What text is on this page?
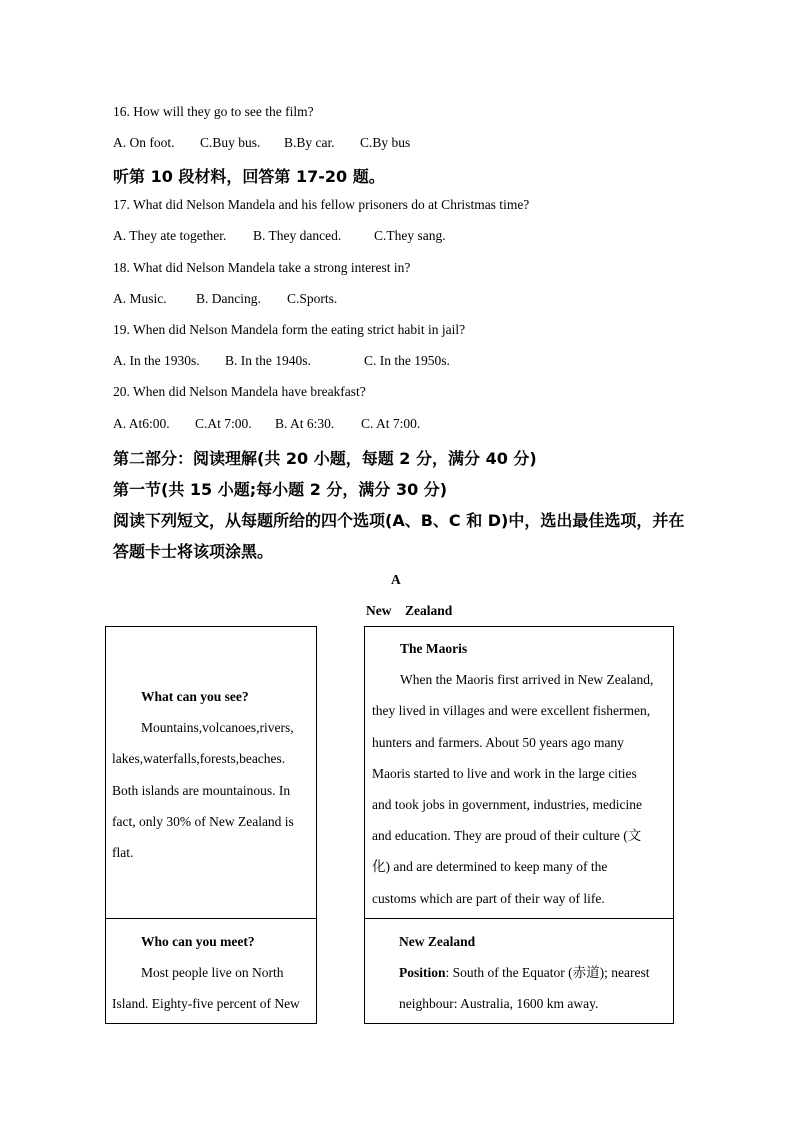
16. How will they go to see the film?
A. On foot. C.Buy bus. B.By car. C.By bus
听第 10 段材料，回答第 17-20 题。
17. What did Nelson Mandela and his fellow prisoners do at Christmas time?
A. They ate together. B. They danced. C.They sang.
18. What did Nelson Mandela take a strong interest in?
A. Music. B. Dancing. C.Sports.
19. When did Nelson Mandela form the eating strict habit in jail?
A. In the 1930s. B. In the 1940s.	C. In the 1950s.
20. When did Nelson Mandela have breakfast?
A. At6:00. C.At 7:00. B. At 6:30. C. At 7:00.
第二部分：阅读理解(共 20 小题，每题 2 分，满分 40 分)
第一节(共 15 小题;每小题 2 分，满分 30 分)
阅读下列短文，从每题所给的四个选项(A、B、C 和 D)中，选出最佳选项，并在
答题卡士将该项涂黑。
A
New    Zealand
What can you see?
Mountains,volcanoes,rivers,
lakes,waterfalls,forests,beaches.
Both islands are mountainous. In
fact, only 30% of New Zealand is
flat.
Who can you meet?
Most people live on North
Island. Eighty-five percent of New
The Maoris
When the Maoris first arrived in New Zealand,
they lived in villages and were excellent fishermen,
hunters and farmers. About 50 years ago many
Maoris started to live and work in the large cities
and took jobs in government, industries, medicine
and education. They are proud of their culture (文
化) and are determined to keep many of the
customs which are part of their way of life.
New Zealand
Position: South of the Equator (赤道); nearest
neighbour: Australia, 1600 km away.
